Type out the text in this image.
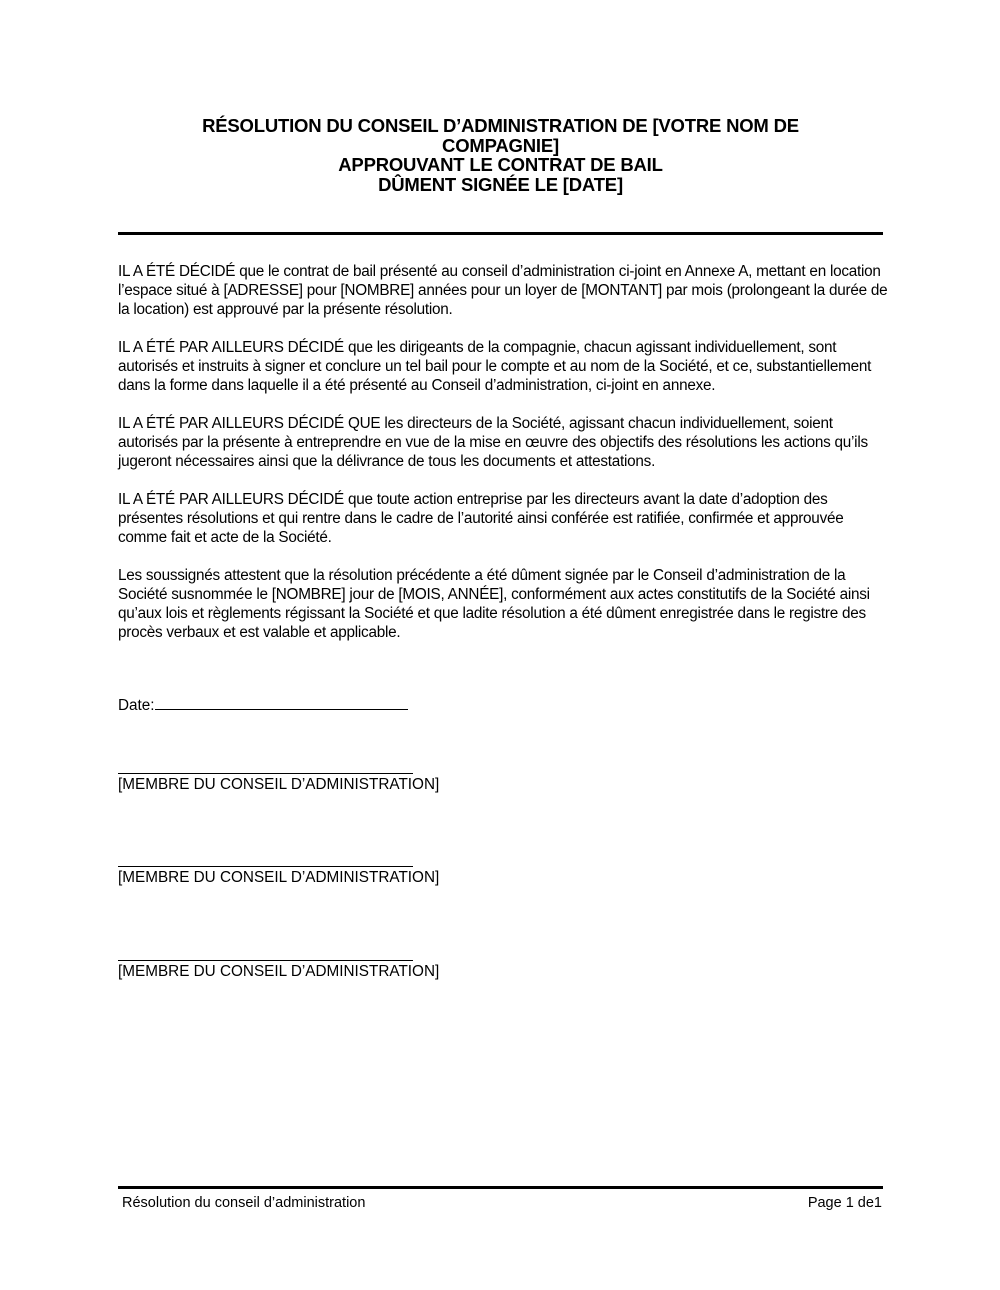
RÉSOLUTION DU CONSEIL D’ADMINISTRATION DE [VOTRE NOM DE
COMPAGNIE]
APPROUVANT LE CONTRAT DE BAIL
DÛMENT SIGNÉE LE [DATE]

IL A ÉTÉ DÉCIDÉ que le contrat de bail présenté au conseil d’administration ci-joint en Annexe A, mettant en location l’espace situé à [ADRESSE] pour [NOMBRE] années pour un loyer de [MONTANT] par mois (prolongeant la durée de la location) est approuvé par la présente résolution.

IL A ÉTÉ PAR AILLEURS DÉCIDÉ que les dirigeants de la compagnie, chacun agissant individuellement, sont autorisés et instruits à signer et conclure un tel bail pour le compte et au nom de la Société, et ce, substantiellement dans la forme dans laquelle il a été présenté au Conseil d’administration, ci-joint en annexe.

IL A ÉTÉ PAR AILLEURS DÉCIDÉ QUE les directeurs de la Société, agissant chacun individuellement, soient autorisés par la présente à entreprendre en vue de la mise en œuvre des objectifs des résolutions les actions qu’ils jugeront nécessaires ainsi que la délivrance de tous les documents et attestations.

IL A ÉTÉ PAR AILLEURS DÉCIDÉ que toute action entreprise par les directeurs avant la date d’adoption des présentes résolutions et qui rentre dans le cadre de l’autorité ainsi conférée est ratifiée, confirmée et approuvée comme fait et acte de la Société.

Les soussignés attestent que la résolution précédente a été dûment signée par le Conseil d’administration de la Société susnommée le [NOMBRE] jour de [MOIS, ANNÉE], conformément aux actes constitutifs de la Société ainsi qu’aux lois et règlements régissant la Société et que ladite résolution a été dûment enregistrée dans le registre des procès verbaux et est valable et applicable.

Date:
[MEMBRE DU CONSEIL D’ADMINISTRATION]
[MEMBRE DU CONSEIL D’ADMINISTRATION]
[MEMBRE DU CONSEIL D’ADMINISTRATION]
Résolution du conseil d’administration	Page 1 de1
